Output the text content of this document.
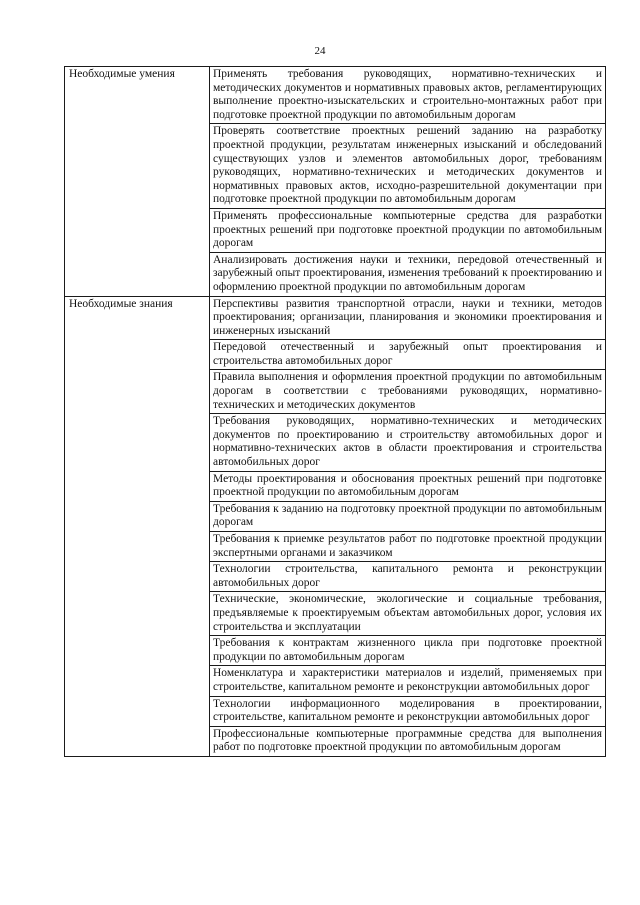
24
Необходимые умения	Применять требования руководящих, нормативно-технических и методических документов и нормативных правовых актов, регламентирующих выполнение проектно-изыскательских и строительно-монтажных работ при подготовке проектной продукции по автомобильным дорогам
	Проверять соответствие проектных решений заданию на разработку проектной продукции, результатам инженерных изысканий и обследований существующих узлов и элементов автомобильных дорог, требованиям руководящих, нормативно-технических и методических документов и нормативных правовых актов, исходно-разрешительной документации при подготовке проектной продукции по автомобильным дорогам
	Применять профессиональные компьютерные средства для разработки проектных решений при подготовке проектной продукции по автомобильным дорогам
	Анализировать достижения науки и техники, передовой отечественный и зарубежный опыт проектирования, изменения требований к проектированию и оформлению проектной продукции по автомобильным дорогам
Необходимые знания	Перспективы развития транспортной отрасли, науки и техники, методов проектирования; организации, планирования и экономики проектирования и инженерных изысканий
	Передовой отечественный и зарубежный опыт проектирования и строительства автомобильных дорог
	Правила выполнения и оформления проектной продукции по автомобильным дорогам в соответствии с требованиями руководящих, нормативно-технических и методических документов
	Требования руководящих, нормативно-технических и методических документов по проектированию и строительству автомобильных дорог и нормативно-технических актов в области проектирования и строительства автомобильных дорог
	Методы проектирования и обоснования проектных решений при подготовке проектной продукции по автомобильным дорогам
	Требования к заданию на подготовку проектной продукции по автомобильным дорогам
	Требования к приемке результатов работ по подготовке проектной продукции экспертными органами и заказчиком
	Технологии строительства, капитального ремонта и реконструкции автомобильных дорог
	Технические, экономические, экологические и социальные требования, предъявляемые к проектируемым объектам автомобильных дорог, условия их строительства и эксплуатации
	Требования к контрактам жизненного цикла при подготовке проектной продукции по автомобильным дорогам
	Номенклатура и характеристики материалов и изделий, применяемых при строительстве, капитальном ремонте и реконструкции автомобильных дорог
	Технологии информационного моделирования в проектировании, строительстве, капитальном ремонте и реконструкции автомобильных дорог
	Профессиональные компьютерные программные средства для выполнения работ по подготовке проектной продукции по автомобильным дорогам
